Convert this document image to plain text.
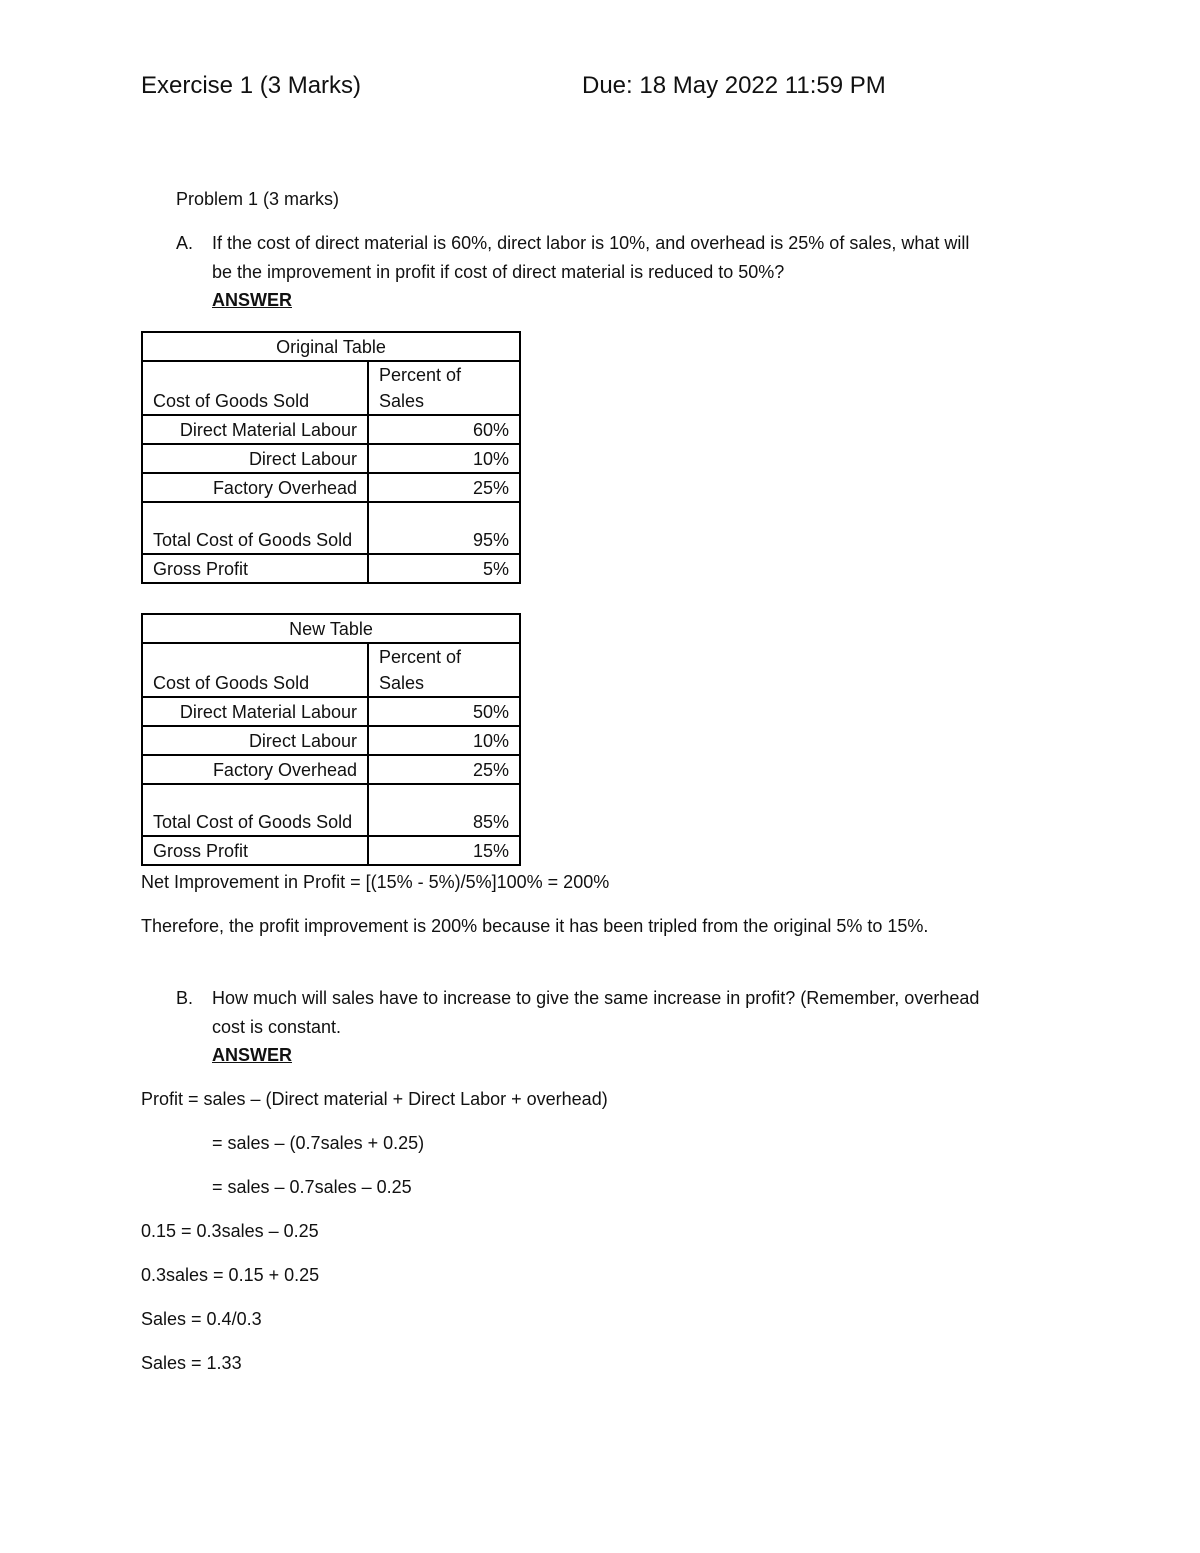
Exercise 1 (3 Marks)	Due: 18 May 2022 11:59 PM
Problem 1 (3 marks)
A. If the cost of direct material is 60%, direct labor is 10%, and overhead is 25% of sales, what will
be the improvement in profit if cost of direct material is reduced to 50%?
ANSWER
Original Table	
Cost of Goods Sold	Percent of Sales
Direct Material Labour	60%
Direct Labour	10%
Factory Overhead	25%
Total Cost of Goods Sold	95%
Gross Profit	5%
New Table	
Cost of Goods Sold	Percent of Sales
Direct Material Labour	50%
Direct Labour	10%
Factory Overhead	25%
Total Cost of Goods Sold	85%
Gross Profit	15%
Net Improvement in Profit = [(15% - 5%)/5%]100% = 200%
Therefore, the profit improvement is 200% because it has been tripled from the original 5% to 15%.
B. How much will sales have to increase to give the same increase in profit? (Remember, overhead
cost is constant.
ANSWER
Profit = sales – (Direct material + Direct Labor + overhead)
= sales – (0.7sales + 0.25)
= sales – 0.7sales – 0.25
0.15 = 0.3sales – 0.25
0.3sales = 0.15 + 0.25
Sales = 0.4/0.3
Sales = 1.33
